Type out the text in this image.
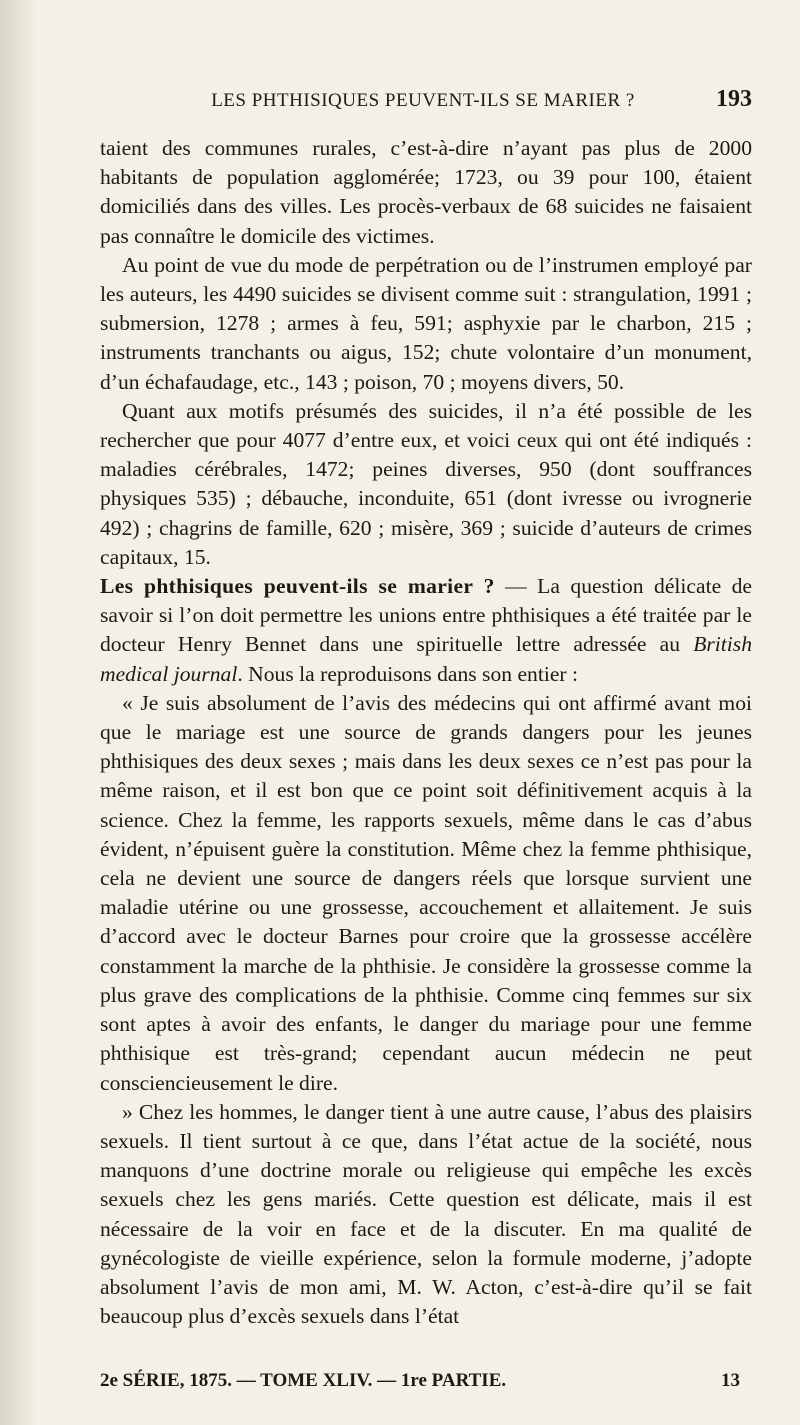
LES PHTHISIQUES PEUVENT-ILS SE MARIER ?	193

taient des communes rurales, c’est-à-dire n’ayant pas plus de 2000 habitants de population agglomérée; 1723, ou 39 pour 100, étaient domiciliés dans des villes. Les procès-verbaux de 68 suicides ne faisaient pas connaître le domicile des victimes.

Au point de vue du mode de perpétration ou de l’instrumen employé par les auteurs, les 4490 suicides se divisent comme suit : strangulation, 1991 ; submersion, 1278 ; armes à feu, 591; asphyxie par le charbon, 215 ; instruments tranchants ou aigus, 152; chute volontaire d’un monument, d’un échafaudage, etc., 143 ; poison, 70 ; moyens divers, 50.

Quant aux motifs présumés des suicides, il n’a été possible de les rechercher que pour 4077 d’entre eux, et voici ceux qui ont été indiqués : maladies cérébrales, 1472; peines diverses, 950 (dont souffrances physiques 535) ; débauche, inconduite, 651 (dont ivresse ou ivrognerie 492) ; chagrins de famille, 620 ; misère, 369 ; suicide d’auteurs de crimes capitaux, 15.

Les phthisiques peuvent-ils se marier ? — La question délicate de savoir si l’on doit permettre les unions entre phthisiques a été traitée par le docteur Henry Bennet dans une spirituelle lettre adressée au British medical journal. Nous la reproduisons dans son entier :

« Je suis absolument de l’avis des médecins qui ont affirmé avant moi que le mariage est une source de grands dangers pour les jeunes phthisiques des deux sexes ; mais dans les deux sexes ce n’est pas pour la même raison, et il est bon que ce point soit définitivement acquis à la science. Chez la femme, les rapports sexuels, même dans le cas d’abus évident, n’épuisent guère la constitution. Même chez la femme phthisique, cela ne devient une source de dangers réels que lorsque survient une maladie utérine ou une grossesse, accouchement et allaitement. Je suis d’accord avec le docteur Barnes pour croire que la grossesse accélère constamment la marche de la phthisie. Je considère la grossesse comme la plus grave des complications de la phthisie. Comme cinq femmes sur six sont aptes à avoir des enfants, le danger du mariage pour une femme phthisique est très-grand; cependant aucun médecin ne peut consciencieusement le dire.

» Chez les hommes, le danger tient à une autre cause, l’abus des plaisirs sexuels. Il tient surtout à ce que, dans l’état actue de la société, nous manquons d’une doctrine morale ou religieuse qui empêche les excès sexuels chez les gens mariés. Cette question est délicate, mais il est nécessaire de la voir en face et de la discuter. En ma qualité de gynécologiste de vieille expérience, selon la formule moderne, j’adopte absolument l’avis de mon ami, M. W. Acton, c’est-à-dire qu’il se fait beaucoup plus d’excès sexuels dans l’état

2e SÉRIE, 1875. — TOME XLIV. — 1re PARTIE.	13
